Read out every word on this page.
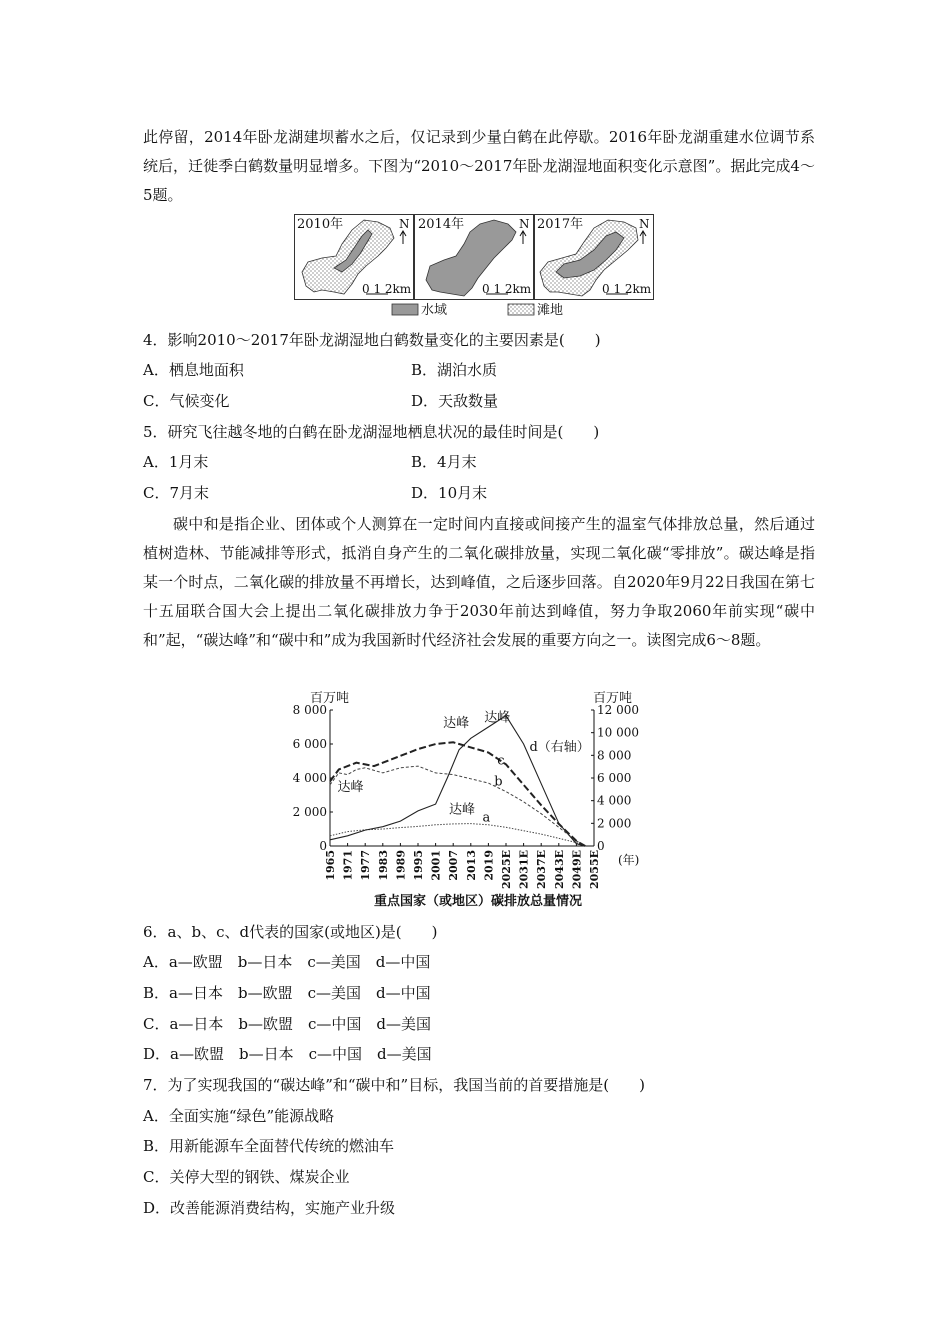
此停留，2014年卧龙湖建坝蓄水之后，仅记录到少量白鹤在此停歇。2016年卧龙湖重建水位调节系统后，迁徙季白鹤数量明显增多。下图为“2010～2017年卧龙湖湿地面积变化示意图”。据此完成4～5题。
2010年	N
0 1 2km
2014年	N
0 1 2km
2017年	N
0 1 2km
水域	滩地
4．影响2010～2017年卧龙湖湿地白鹤数量变化的主要因素是(　　)
A．栖息地面积	B．湖泊水质
C．气候变化	D．天敌数量
5．研究飞往越冬地的白鹤在卧龙湖湿地栖息状况的最佳时间是(　　)
A．1月末	B．4月末
C．7月末	D．10月末
碳中和是指企业、团体或个人测算在一定时间内直接或间接产生的温室气体排放总量，然后通过植树造林、节能减排等形式，抵消自身产生的二氧化碳排放量，实现二氧化碳“零排放”。碳达峰是指某一个时点，二氧化碳的排放量不再增长，达到峰值，之后逐步回落。自2020年9月22日我国在第七十五届联合国大会上提出二氧化碳排放力争于2030年前达到峰值，努力争取2060年前实现“碳中和”起，“碳达峰”和“碳中和”成为我国新时代经济社会发展的重要方向之一。读图完成6～8题。
百万吨	百万吨
(年)
重点国家（或地区）碳排放总量情况
8 000
6 000
4 000
2 000
0
12 000
10 000
8 000
6 000
4 000
2 000
0
1965 1971 1977 1983 1989 1995 2001 2007 2013 2019 2025E 2031E 2037E 2043E 2049E 2055E
达峰 达峰
达峰
达峰
d（右轴）
c
b
a
6．a、b、c、d代表的国家(或地区)是(　　)
A．a—欧盟　b—日本　c—美国　d—中国
B．a—日本　b—欧盟　c—美国　d—中国
C．a—日本　b—欧盟　c—中国　d—美国
D．a—欧盟　b—日本　c—中国　d—美国
7．为了实现我国的“碳达峰”和“碳中和”目标，我国当前的首要措施是(　　)
A．全面实施“绿色”能源战略
B．用新能源车全面替代传统的燃油车
C．关停大型的钢铁、煤炭企业
D．改善能源消费结构，实施产业升级
